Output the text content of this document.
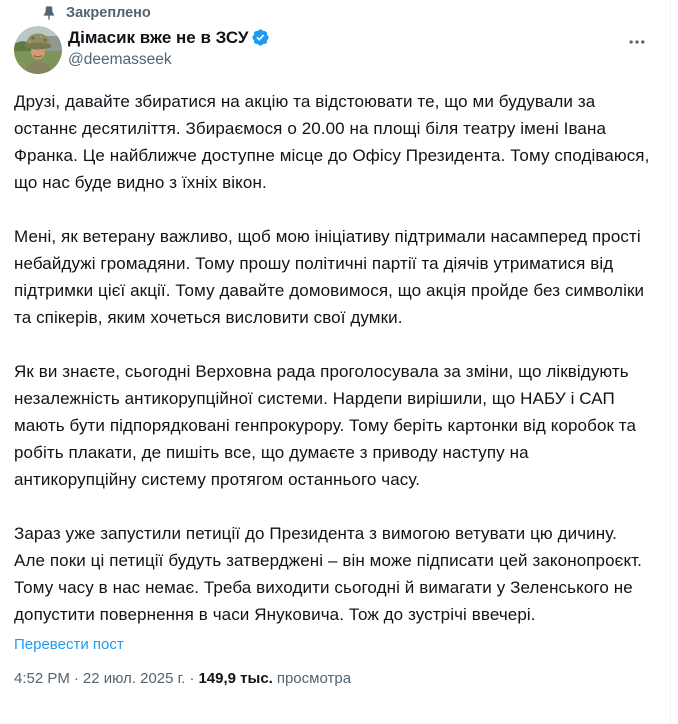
Закреплено
Дімасик вже не в ЗСУ
@deemasseek

Друзі, давайте збиратися на акцію та відстоювати те, що ми будували за останнє десятиліття. Збираємося о 20.00 на площі біля театру імені Івана Франка. Це найближче доступне місце до Офісу Президента. Тому сподіваюся, що нас буде видно з їхніх вікон.

Мені, як ветерану важливо, щоб мою ініціативу підтримали насамперед прості небайдужі громадяни. Тому прошу політичні партії та діячів утриматися від підтримки цієї акції. Тому давайте домовимося, що акція пройде без символіки та спікерів, яким хочеться висловити свої думки.

Як ви знаєте, сьогодні Верховна рада проголосувала за зміни, що ліквідують незалежність антикорупційної системи. Нардепи вирішили, що НАБУ і САП мають бути підпорядковані генпрокурору. Тому беріть картонки від коробок та робіть плакати, де пишіть все, що думаєте з приводу наступу на антикорупційну систему протягом останнього часу.

Зараз уже запустили петиції до Президента з вимогою ветувати цю дичину. Але поки ці петиції будуть затверджені – він може підписати цей законопроєкт. Тому часу в нас немає. Треба виходити сьогодні й вимагати у Зеленського не допустити повернення в часи Януковича. Тож до зустрічі ввечері.

Перевести пост
4:52 PM · 22 июл. 2025 г. · 149,9 тыс. просмотра
